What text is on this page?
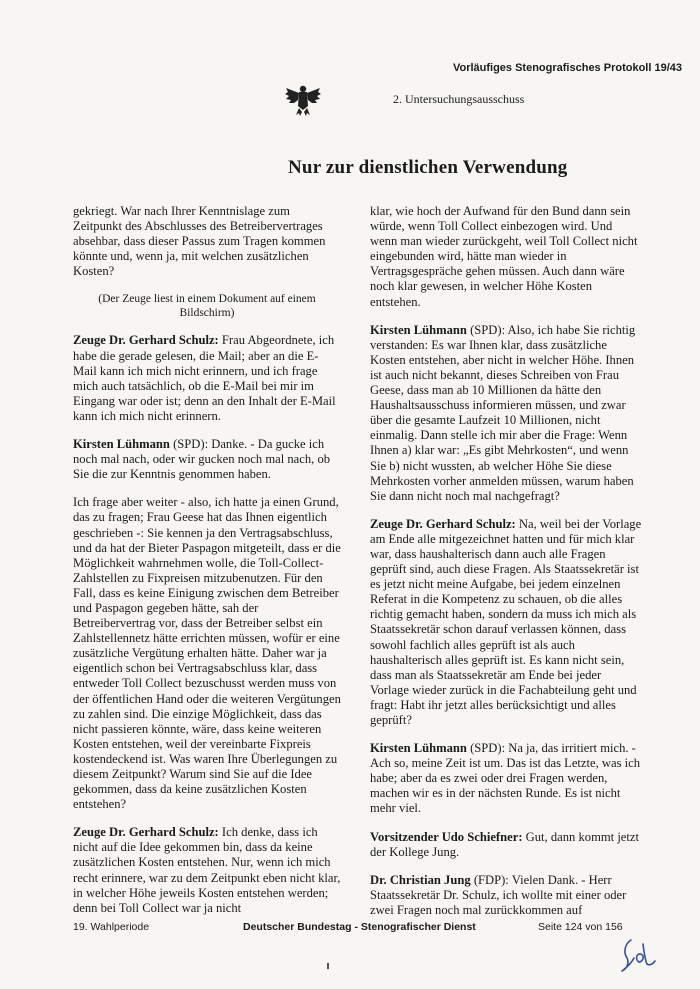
Vorläufiges Stenografisches Protokoll 19/43
2. Untersuchungsausschuss
Nur zur dienstlichen Verwendung

gekriegt. War nach Ihrer Kenntnislage zum Zeitpunkt des Abschlusses des Betreibervertrages absehbar, dass dieser Passus zum Tragen kommen könnte und, wenn ja, mit welchen zusätzlichen Kosten?

(Der Zeuge liest in einem Dokument auf einem Bildschirm)

Zeuge Dr. Gerhard Schulz: Frau Abgeordnete, ich habe die gerade gelesen, die Mail; aber an die E-Mail kann ich mich nicht erinnern, und ich frage mich auch tatsächlich, ob die E-Mail bei mir im Eingang war oder ist; denn an den Inhalt der E-Mail kann ich mich nicht erinnern.

Kirsten Lühmann (SPD): Danke. - Da gucke ich noch mal nach, oder wir gucken noch mal nach, ob Sie die zur Kenntnis genommen haben.

Ich frage aber weiter - also, ich hatte ja einen Grund, das zu fragen; Frau Geese hat das Ihnen eigentlich geschrieben -: Sie kennen ja den Vertragsabschluss, und da hat der Bieter Paspagon mitgeteilt, dass er die Möglichkeit wahrnehmen wolle, die Toll-Collect-Zahlstellen zu Fixpreisen mitzubenutzen. Für den Fall, dass es keine Einigung zwischen dem Betreiber und Paspagon gegeben hätte, sah der Betreibervertrag vor, dass der Betreiber selbst ein Zahlstellennetz hätte errichten müssen, wofür er eine zusätzliche Vergütung erhalten hätte. Daher war ja eigentlich schon bei Vertragsabschluss klar, dass entweder Toll Collect bezuschusst werden muss von der öffentlichen Hand oder die weiteren Vergütungen zu zahlen sind. Die einzige Möglichkeit, dass das nicht passieren könnte, wäre, dass keine weiteren Kosten entstehen, weil der vereinbarte Fixpreis kostendeckend ist. Was waren Ihre Überlegungen zu diesem Zeitpunkt? Warum sind Sie auf die Idee gekommen, dass da keine zusätzlichen Kosten entstehen?

Zeuge Dr. Gerhard Schulz: Ich denke, dass ich nicht auf die Idee gekommen bin, dass da keine zusätzlichen Kosten entstehen. Nur, wenn ich mich recht erinnere, war zu dem Zeitpunkt eben nicht klar, in welcher Höhe jeweils Kosten entstehen werden; denn bei Toll Collect war ja nicht

klar, wie hoch der Aufwand für den Bund dann sein würde, wenn Toll Collect einbezogen wird. Und wenn man wieder zurückgeht, weil Toll Collect nicht eingebunden wird, hätte man wieder in Vertragsgespräche gehen müssen. Auch dann wäre noch klar gewesen, in welcher Höhe Kosten entstehen.

Kirsten Lühmann (SPD): Also, ich habe Sie richtig verstanden: Es war Ihnen klar, dass zusätzliche Kosten entstehen, aber nicht in welcher Höhe. Ihnen ist auch nicht bekannt, dieses Schreiben von Frau Geese, dass man ab 10 Millionen da hätte den Haushaltsausschuss informieren müssen, und zwar über die gesamte Laufzeit 10 Millionen, nicht einmalig. Dann stelle ich mir aber die Frage: Wenn Ihnen a) klar war: „Es gibt Mehrkosten“, und wenn Sie b) nicht wussten, ab welcher Höhe Sie diese Mehrkosten vorher anmelden müssen, warum haben Sie dann nicht noch mal nachgefragt?

Zeuge Dr. Gerhard Schulz: Na, weil bei der Vorlage am Ende alle mitgezeichnet hatten und für mich klar war, dass haushalterisch dann auch alle Fragen geprüft sind, auch diese Fragen. Als Staatssekretär ist es jetzt nicht meine Aufgabe, bei jedem einzelnen Referat in die Kompetenz zu schauen, ob die alles richtig gemacht haben, sondern da muss ich mich als Staatssekretär schon darauf verlassen können, dass sowohl fachlich alles geprüft ist als auch haushalterisch alles geprüft ist. Es kann nicht sein, dass man als Staatssekretär am Ende bei jeder Vorlage wieder zurück in die Fachabteilung geht und fragt: Habt ihr jetzt alles berücksichtigt und alles geprüft?

Kirsten Lühmann (SPD): Na ja, das irritiert mich. - Ach so, meine Zeit ist um. Das ist das Letzte, was ich habe; aber da es zwei oder drei Fragen werden, machen wir es in der nächsten Runde. Es ist nicht mehr viel.

Vorsitzender Udo Schiefner: Gut, dann kommt jetzt der Kollege Jung.

Dr. Christian Jung (FDP): Vielen Dank. - Herr Staatssekretär Dr. Schulz, ich wollte mit einer oder zwei Fragen noch mal zurückkommen auf

19. Wahlperiode	Deutscher Bundestag - Stenografischer Dienst	Seite 124 von 156
